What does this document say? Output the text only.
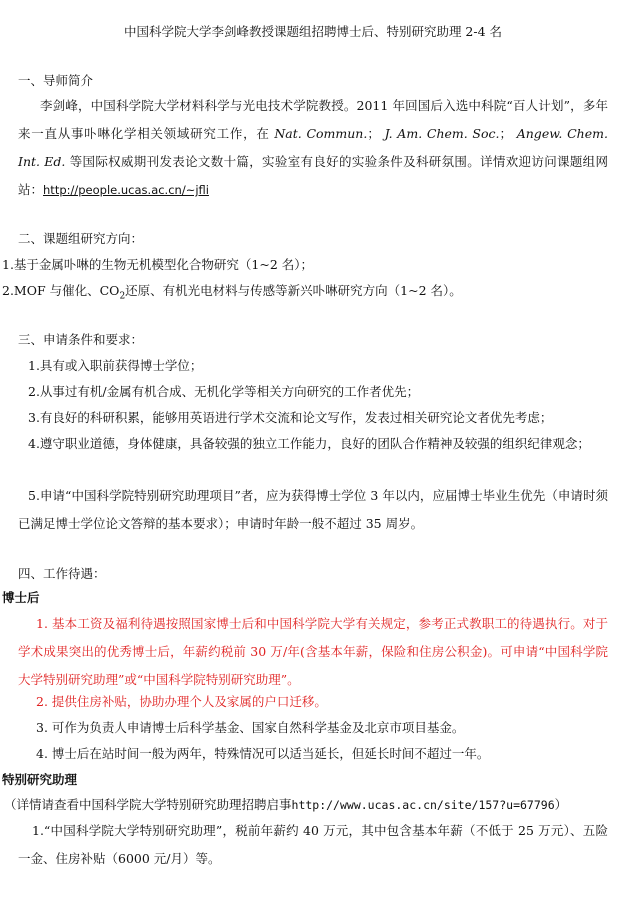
中国科学院大学李剑峰教授课题组招聘博士后、特别研究助理 2-4 名
一、导师简介
李剑峰，中国科学院大学材料科学与光电技术学院教授。2011 年回国后入选中科院“百人计划”，多年来一直从事卟啉化学相关领域研究工作，在 Nat. Commun.； J. Am. Chem. Soc.； Angew. Chem. Int. Ed. 等国际权威期刊发表论文数十篇，实验室有良好的实验条件及科研氛围。详情欢迎访问课题组网站：http://people.ucas.ac.cn/~jfli
二、课题组研究方向：
1.基于金属卟啉的生物无机模型化合物研究（1~2 名）；
2.MOF 与催化、$CO_2$还原、有机光电材料与传感等新兴卟啉研究方向（1~2 名）。
三、申请条件和要求：
1.具有或入职前获得博士学位；
2.从事过有机/金属有机合成、无机化学等相关方向研究的工作者优先；
3.有良好的科研积累，能够用英语进行学术交流和论文写作，发表过相关研究论文者优先考虑；
4.遵守职业道德，身体健康，具备较强的独立工作能力，良好的团队合作精神及较强的组织纪律观念；
5.申请“中国科学院特别研究助理项目”者，应为获得博士学位 3 年以内，应届博士毕业生优先（申请时须已满足博士学位论文答辩的基本要求）；申请时年龄一般不超过 35 周岁。
四、工作待遇：
博士后
1. 基本工资及福利待遇按照国家博士后和中国科学院大学有关规定，参考正式教职工的待遇执行。对于学术成果突出的优秀博士后，年薪约税前 30 万/年(含基本年薪，保险和住房公积金)。可申请“中国科学院大学特别研究助理”或“中国科学院特别研究助理”。
2. 提供住房补贴，协助办理个人及家属的户口迁移。
3. 可作为负责人申请博士后科学基金、国家自然科学基金及北京市项目基金。
4. 博士后在站时间一般为两年，特殊情况可以适当延长，但延长时间不超过一年。
特别研究助理
（详情请查看中国科学院大学特别研究助理招聘启事http://www.ucas.ac.cn/site/157?u=67796）
1.“中国科学院大学特别研究助理”，税前年薪约 40 万元，其中包含基本年薪（不低于 25 万元）、五险一金、住房补贴（6000 元/月）等。
